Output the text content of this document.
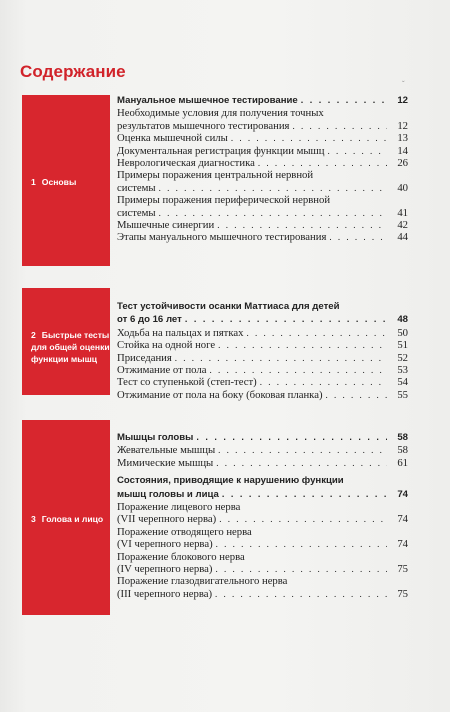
Содержание
ˇ
1 Основы
2 Быстрые тесты для общей оценки функции мышц
3 Голова и лицо
Мануальное мышечное тестирование . . .	12
Необходимые условия для получения точных
результатов мышечного тестирования . . .	12
Оценка мышечной силы . . .	13
Документальная регистрация функции мышц . . .	14
Неврологическая диагностика . . .	26
Примеры поражения центральной нервной
системы . . .	40
Примеры поражения периферической нервной
системы . . .	41
Мышечные синергии . . .	42
Этапы мануального мышечного тестирования . . .	44
Тест устойчивости осанки Маттиаса для детей
от 6 до 16 лет . . .	48
Ходьба на пальцах и пятках . . .	50
Стойка на одной ноге . . .	51
Приседания . . .	52
Отжимание от пола . . .	53
Тест со ступенькой (степ-тест) . . .	54
Отжимание от пола на боку (боковая планка) . . .	55
Мышцы головы . . .	58
Жевательные мышцы . . .	58
Мимические мышцы . . .	61
Состояния, приводящие к нарушению функции
мышц головы и лица . . .	74
Поражение лицевого нерва
(VII черепного нерва) . . .	74
Поражение отводящего нерва
(VI черепного нерва) . . .	74
Поражение блокового нерва
(IV черепного нерва) . . .	75
Поражение глазодвигательного нерва
(III черепного нерва) . . .	75
